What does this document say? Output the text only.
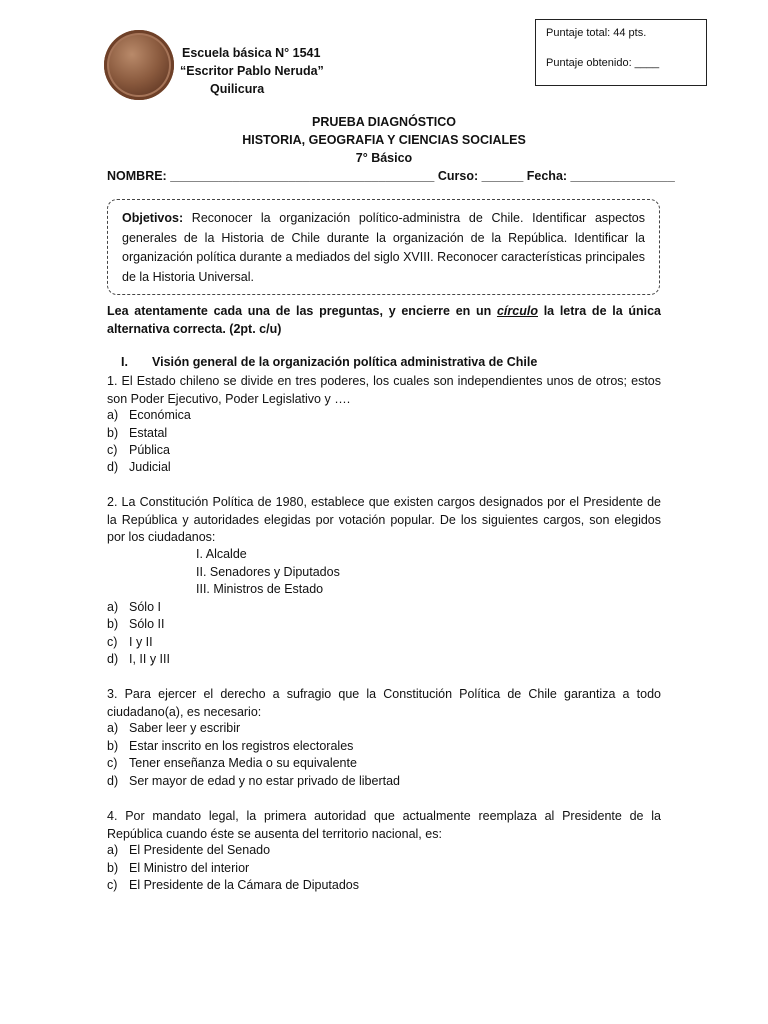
Puntaje total: 44 pts.
Puntaje obtenido: ____
Escuela básica N° 1541
“Escritor Pablo Neruda”
Quilicura
PRUEBA DIAGNÓSTICO
HISTORIA, GEOGRAFIA Y CIENCIAS SOCIALES
7° Básico
NOMBRE: ______________________________________ Curso: ______ Fecha: _______________
Objetivos: Reconocer la organización político-administra de Chile. Identificar aspectos generales de la Historia de Chile durante la organización de la República. Identificar la organización política durante a mediados del siglo XVIII. Reconocer características principales de la Historia Universal.
Lea atentamente cada una de las preguntas, y encierre en un círculo la letra de la única alternativa correcta. (2pt. c/u)
I. Visión general de la organización política administrativa de Chile
1. El Estado chileno se divide en tres poderes, los cuales son independientes unos de otros; estos son Poder Ejecutivo, Poder Legislativo y ….
a) Económica
b) Estatal
c) Pública
d) Judicial
2. La Constitución Política de 1980, establece que existen cargos designados por el Presidente de la República y autoridades elegidas por votación popular. De los siguientes cargos, son elegidos por los ciudadanos:
I. Alcalde
II. Senadores y Diputados
III. Ministros de Estado
a) Sólo I
b) Sólo II
c) I y II
d) I, II y III
3. Para ejercer el derecho a sufragio que la Constitución Política de Chile garantiza a todo ciudadano(a), es necesario:
a) Saber leer y escribir
b) Estar inscrito en los registros electorales
c) Tener enseñanza Media o su equivalente
d) Ser mayor de edad y no estar privado de libertad
4. Por mandato legal, la primera autoridad que actualmente reemplaza al Presidente de la República cuando éste se ausenta del territorio nacional, es:
a) El Presidente del Senado
b) El Ministro del interior
c) El Presidente de la Cámara de Diputados
